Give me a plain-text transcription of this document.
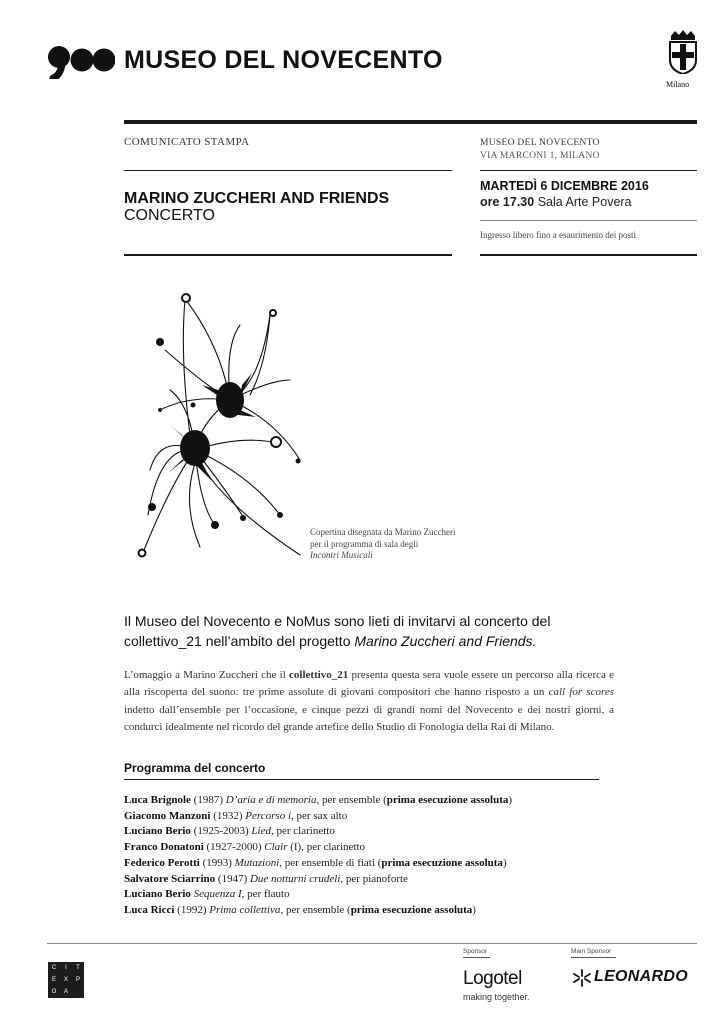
MUSEO DEL NOVECENTO
Milano
COMUNICATO STAMPA
MARINO ZUCCHERI AND FRIENDS
CONCERTO
MUSEO DEL NOVECENTO
VIA MARCONI 1, MILANO
MARTEDÌ 6 DICEMBRE 2016
ore 17.30 Sala Arte Povera
Ingresso libero fino a esaurimento dei posti
Copertina disegnata da Marino Zuccheri
per il programma di sala degli
Incontri Musicali
Il Museo del Novecento e NoMus sono lieti di invitarvi al concerto del collettivo_21 nell’ambito del progetto Marino Zuccheri and Friends.
L’omaggio a Marino Zuccheri che il collettivo_21 presenta questa sera vuole essere un percorso alla ricerca e alla riscoperta del suono: tre prime assolute di giovani compositori che hanno risposto a un call for scores indetto dall’ensemble per l’occasione, e cinque pezzi di grandi nomi del Novecento e dei nostri giorni, a condurci idealmente nel ricordo del grande artefice dello Studio di Fonologia della Rai di Milano.
Programma del concerto
Luca Brignole (1987) D’aria e di memoria, per ensemble (prima esecuzione assoluta)
Giacomo Manzoni (1932) Percorso i, per sax alto
Luciano Berio (1925-2003) Lied, per clarinetto
Franco Donatoni (1927-2000) Clair (I), per clarinetto
Federico Perotti (1993) Mutazioni, per ensemble di fiati (prima esecuzione assoluta)
Salvatore Sciarrino (1947) Due notturni crudeli, per pianoforte
Luciano Berio Sequenza I, per flauto
Luca Ricci (1992) Prima collettiva, per ensemble (prima esecuzione assoluta)
C	I	T
E	X	P
O	A
Sponsor	Main Sponsor
Logotel
making together.
LEONARDO
